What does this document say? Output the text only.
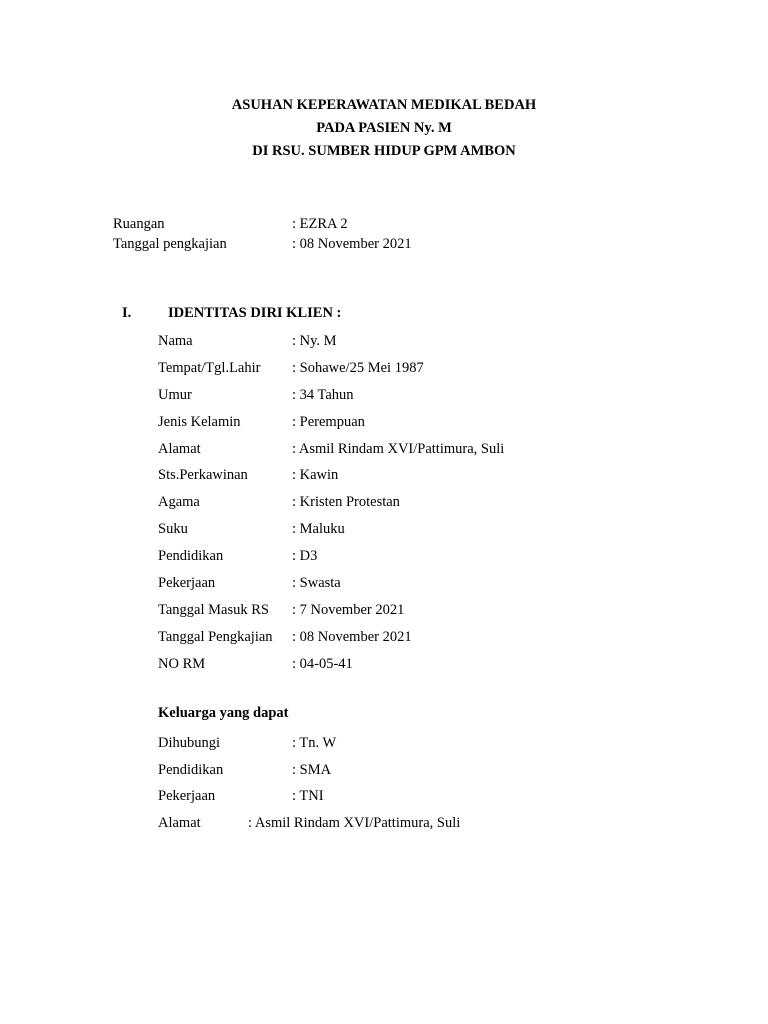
ASUHAN KEPERAWATAN MEDIKAL BEDAH
PADA PASIEN Ny. M
DI RSU. SUMBER HIDUP GPM AMBON
Ruangan	: EZRA 2
Tanggal pengkajian	: 08 November 2021
I.	IDENTITAS DIRI KLIEN :
Nama	: Ny. M
Tempat/Tgl.Lahir : Sohawe/25 Mei 1987
Umur	: 34 Tahun
Jenis Kelamin	: Perempuan
Alamat	: Asmil Rindam XVI/Pattimura, Suli
Sts.Perkawinan	: Kawin
Agama	: Kristen Protestan
Suku	: Maluku
Pendidikan	: D3
Pekerjaan	: Swasta
Tanggal Masuk RS : 7 November 2021
Tanggal Pengkajian : 08 November 2021
NO RM	: 04-05-41
Keluarga yang dapat
Dihubungi	: Tn. W
Pendidikan	: SMA
Pekerjaan	: TNI
Alamat	: Asmil Rindam XVI/Pattimura, Suli
